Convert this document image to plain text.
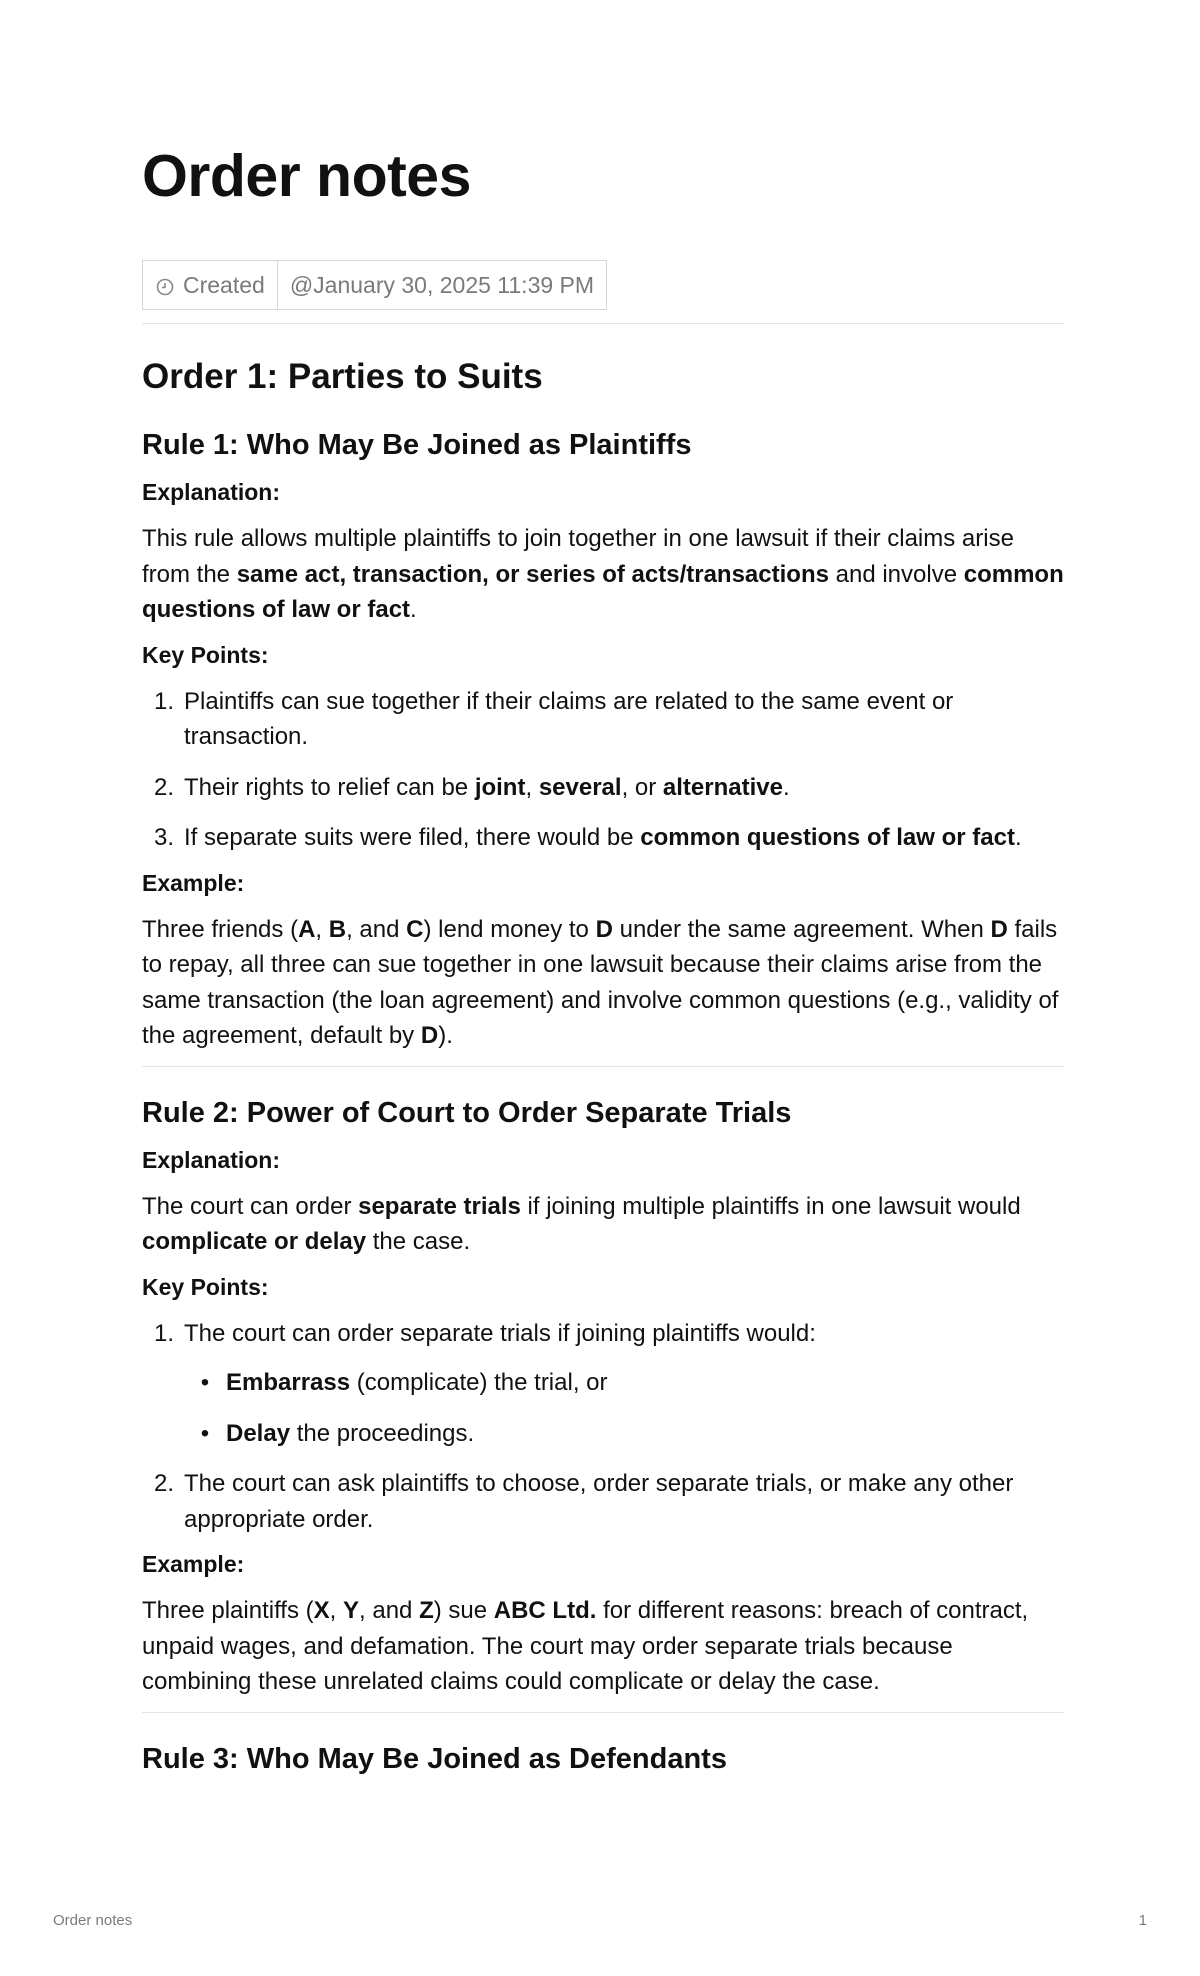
Order notes
Created @January 30, 2025 11:39 PM
Order 1: Parties to Suits
Rule 1: Who May Be Joined as Plaintiffs
Explanation:

This rule allows multiple plaintiffs to join together in one lawsuit if their claims arise from the same act, transaction, or series of acts/transactions and involve common questions of law or fact.

Key Points:
1. Plaintiffs can sue together if their claims are related to the same event or transaction.
2. Their rights to relief can be joint, several, or alternative.
3. If separate suits were filed, there would be common questions of law or fact.
Example:

Three friends (A, B, and C) lend money to D under the same agreement. When D fails to repay, all three can sue together in one lawsuit because their claims arise from the same transaction (the loan agreement) and involve common questions (e.g., validity of the agreement, default by D).

Rule 2: Power of Court to Order Separate Trials
Explanation:

The court can order separate trials if joining multiple plaintiffs in one lawsuit would complicate or delay the case.

Key Points:
1. The court can order separate trials if joining plaintiffs would:
• Embarrass (complicate) the trial, or
• Delay the proceedings.
2. The court can ask plaintiffs to choose, order separate trials, or make any other appropriate order.
Example:

Three plaintiffs (X, Y, and Z) sue ABC Ltd. for different reasons: breach of contract, unpaid wages, and defamation. The court may order separate trials because combining these unrelated claims could complicate or delay the case.

Rule 3: Who May Be Joined as Defendants
Order notes	1
